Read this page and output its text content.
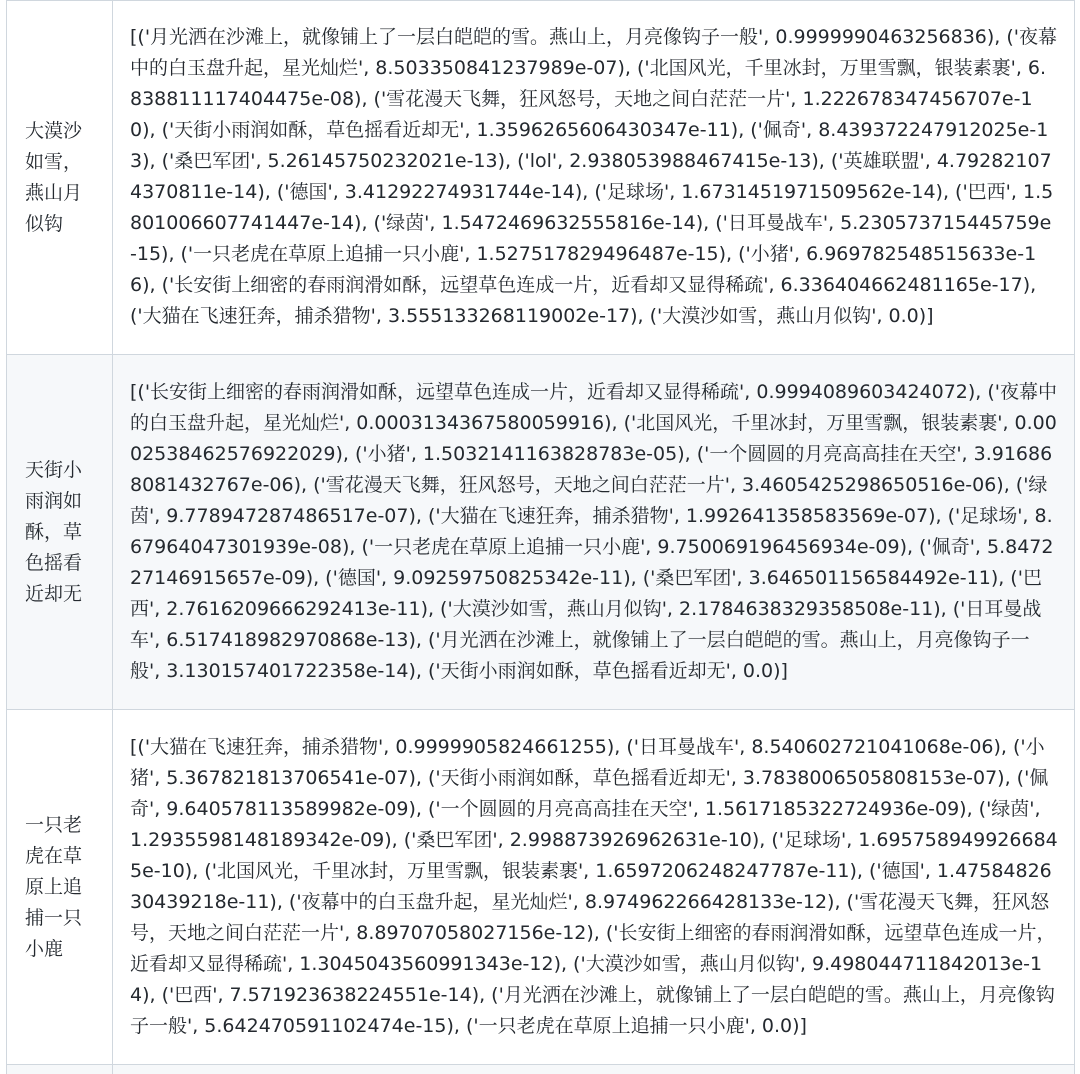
大漠沙如雪，燕山月似钩	[('月光洒在沙滩上，就像铺上了一层白皑皑的雪。燕山上，月亮像钩子一般', 0.9999990463256836), ('夜幕中的白玉盘升起，星光灿烂', 8.503350841237989e-07), ('北国风光，千里冰封，万里雪飘，银装素裹', 6.838811117404475e-08), ('雪花漫天飞舞，狂风怒号，天地之间白茫茫一片', 1.222678347456707e-10), ('天街小雨润如酥，草色摇看近却无', 1.3596265606430347e-11), ('佩奇', 8.439372247912025e-13), ('桑巴军团', 5.26145750232021e-13), ('lol', 2.938053988467415e-13), ('英雄联盟', 4.792821074370811e-14), ('德国', 3.41292274931744e-14), ('足球场', 1.6731451971509562e-14), ('巴西', 1.5801006607741447e-14), ('绿茵', 1.5472469632555816e-14), ('日耳曼战车', 5.230573715445759e-15), ('一只老虎在草原上追捕一只小鹿', 1.527517829496487e-15), ('小猪', 6.969782548515633e-16), ('长安街上细密的春雨润滑如酥，远望草色连成一片，近看却又显得稀疏', 6.336404662481165e-17), ('大猫在飞速狂奔，捕杀猎物', 3.555133268119002e-17), ('大漠沙如雪，燕山月似钩', 0.0)]
天街小雨润如酥，草色摇看近却无	[('长安街上细密的春雨润滑如酥，远望草色连成一片，近看却又显得稀疏', 0.9994089603424072), ('夜幕中的白玉盘升起，星光灿烂', 0.0003134367580059916), ('北国风光，千里冰封，万里雪飘，银装素裹', 0.0002538462576922029), ('小猪', 1.503214116382878​3e-05), ('一个圆圆的月亮高高挂在天空', 3.916868081432767e-06), ('雪花漫天飞舞，狂风怒号，天地之间白茫茫一片', 3.4605425298650516e-06), ('绿茵', 9.778947287486517e-07), ('大猫在飞速狂奔，捕杀猎物', 1.992641358583569e-07), ('足球场', 8.67964047301939e-08), ('一只老虎在草原上追捕一只小鹿', 9.750069196456934e-09), ('佩奇', 5.847227146915657e-09), ('德国', 9.09259750825342e-11), ('桑巴军团', 3.646501156584492e-11), ('巴西', 2.7616209666292413e-11), ('大漠沙如雪，燕山月似钩', 2.1784638329358508e-11), ('日耳曼战车', 6.517418982970868e-13), ('月光洒在沙滩上，就像铺上了一层白皑皑的雪。燕山上，月亮像钩子一般', 3.130157401722358e-14), ('天街小雨润如酥，草色摇看近却无', 0.0)]
一只老虎在草原上追捕一只小鹿	[('大猫在飞速狂奔，捕杀猎物', 0.9999905824661255), ('日耳曼战车', 8.540602721041068e-06), ('小猪', 5.367821813706541e-07), ('天街小雨润如酥，草色摇看近却无', 3.7838006505808153e-07), ('佩奇', 9.640578113589982e-09), ('一个圆圆的月亮高高挂在天空', 1.5617185322724936e-09), ('绿茵', 1.2935598148189342e-09), ('桑巴军团', 2.998873926962631e-10), ('足球场', 1.6957589499266845e-10), ('北国风光，千里冰封，万里雪飘，银装素裹', 1.6597206248247787e-11), ('德国', 1.4758482630439218e-11), ('夜幕中的白玉盘升起，星光灿烂', 8.974962266428133e-12), ('雪花漫天飞舞，狂风怒号，天地之间白茫茫一片', 8.89707058027156e-12), ('长安街上细密的春雨润滑如酥，远望草色连成一片，近看却又显得稀疏', 1.3045043560991343e-12), ('大漠沙如雪，燕山月似钩', 9.498044711842013e-14), ('巴西', 7.571923638224551e-14), ('月光洒在沙滩上，就像铺上了一层白皑皑的雪。燕山上，月亮像钩子一般', 5.642470591102474e-15), ('一只老虎在草原上追捕一只小鹿', 0.0)]
